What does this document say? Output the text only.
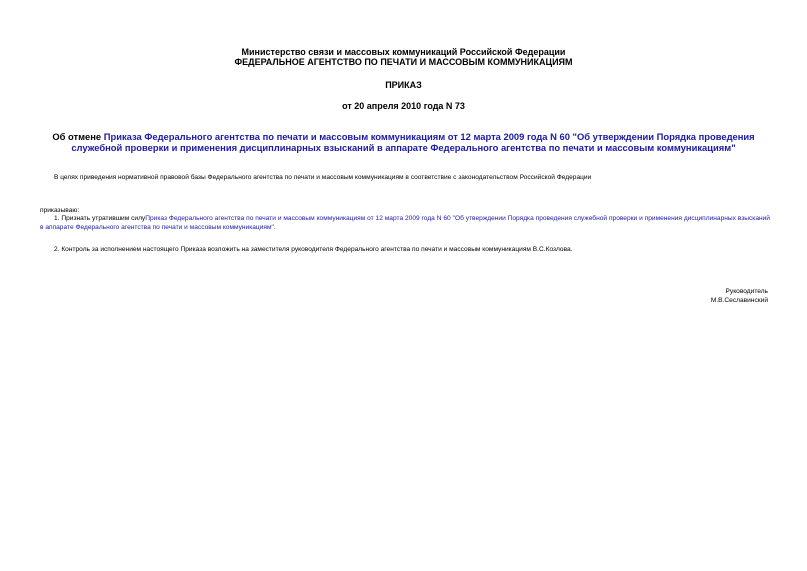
Министерство связи и массовых коммуникаций Российской Федерации
ФЕДЕРАЛЬНОЕ АГЕНТСТВО ПО ПЕЧАТИ И МАССОВЫМ КОММУНИКАЦИЯМ
ПРИКАЗ
от 20 апреля 2010 года N 73
Об отмене Приказа Федерального агентства по печати и массовым коммуникациям от 12 марта 2009 года N 60 "Об утверждении Порядка проведения служебной проверки и применения дисциплинарных взысканий в аппарате Федерального агентства по печати и массовым коммуникациям"
В целях приведения нормативной правовой базы Федерального агентства по печати и массовым коммуникациям в соответствие с законодательством Российской Федерации
приказываю:
1. Признать утратившим силуПриказ Федерального агентства по печати и массовым коммуникациям от 12 марта 2009 года N 60 "Об утверждении Порядка проведения служебной проверки и применения дисциплинарных взысканий в аппарате Федерального агентства по печати и массовым коммуникациям".
2. Контроль за исполнением настоящего Приказа возложить на заместителя руководителя Федерального агентства по печати и массовым коммуникациям В.С.Козлова.
Руководитель
М.В.Сеславинский
